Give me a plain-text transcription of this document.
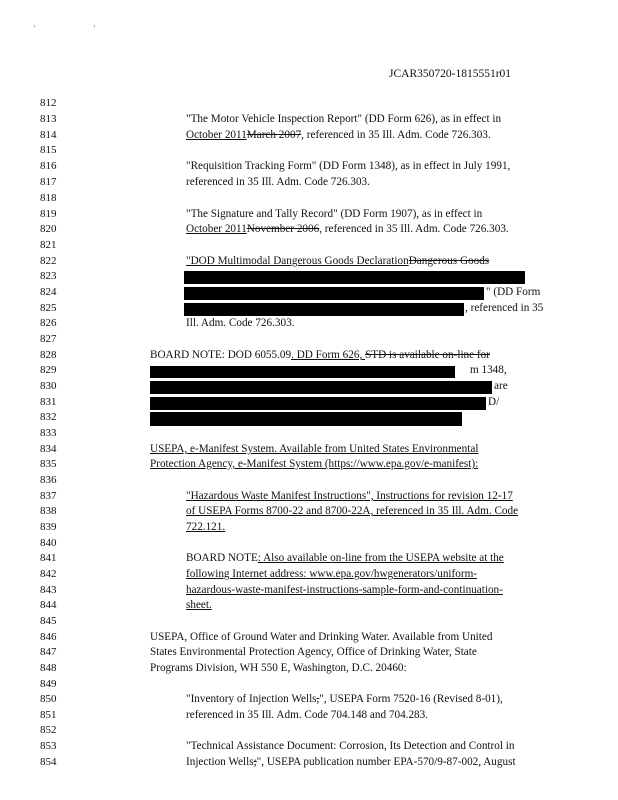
' '
JCAR350720-1815551r01
812
813
814
815
816
817
818
819
820
821
822
823
824
825
826
827
828
829
830
831
832
833
834
835
836
837
838
839
840
841
842
843
844
845
846
847
848
849
850
"The Motor Vehicle Inspection Report" (DD Form 626), as in effect in
October 2011March 2007, referenced in 35 Ill. Adm. Code 726.303.
"Requisition Tracking Form" (DD Form 1348), as in effect in July 1991,
referenced in 35 Ill. Adm. Code 726.303.
"The Signature and Tally Record" (DD Form 1907), as in effect in
October 2011November 2006, referenced in 35 Ill. Adm. Code 726.303.
"DOD Multimodal Dangerous Goods DeclarationDangerous Goods
" (DD Form
, referenced in 35
Ill. Adm. Code 726.303.
BOARD NOTE: DOD 6055.09. DD Form 626, STD is available on-line for
m 1348,
are
D/
USEPA, e-Manifest System. Available from United States Environmental
Protection Agency, e-Manifest System (https://www.epa.gov/e-manifest):
"Hazardous Waste Manifest Instructions", Instructions for revision 12-17
of USEPA Forms 8700-22 and 8700-22A, referenced in 35 Ill. Adm. Code
722.121.
BOARD NOTE: Also available on-line from the USEPA website at the
following Internet address: www.epa.gov/hwgenerators/uniform-
hazardous-waste-manifest-instructions-sample-form-and-continuation-
sheet.
USEPA, Office of Ground Water and Drinking Water. Available from United
States Environmental Protection Agency, Office of Drinking Water, State
Programs Division, WH 550 E, Washington, D.C. 20460:
"Inventory of Injection Wells,", USEPA Form 7520-16 (Revised 8-01),
referenced in 35 Ill. Adm. Code 704.148 and 704.283.
"Technical Assistance Document: Corrosion, Its Detection and Control in
Injection Wells;", USEPA publication number EPA-570/9-87-002, August
851
852
853
854
